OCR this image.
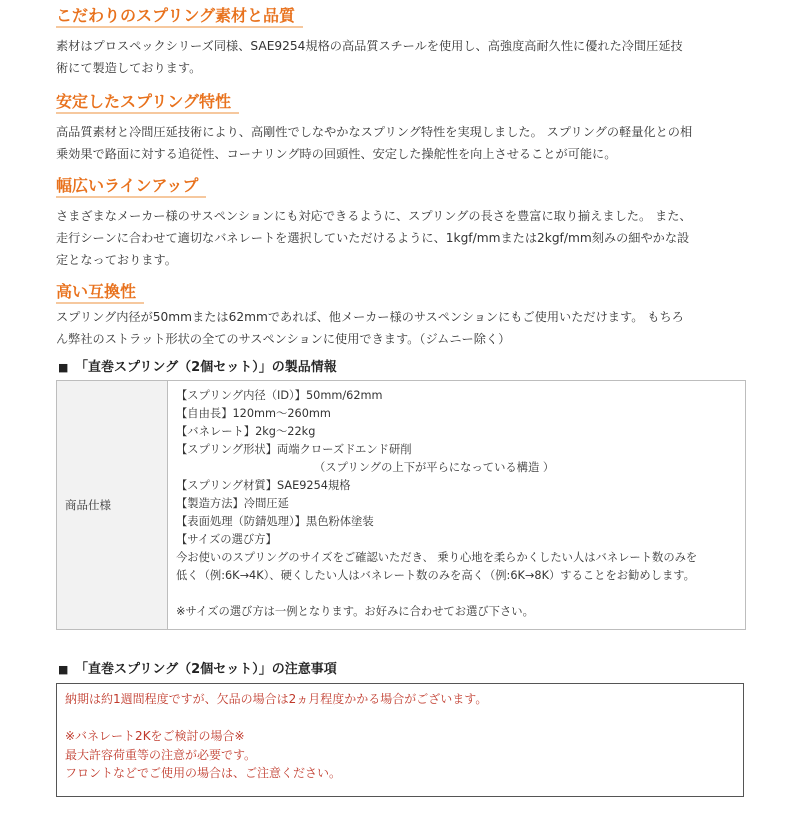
こだわりのスプリング素材と品質

素材はプロスペックシリーズ同様、SAE9254規格の高品質スチールを使用し、高強度高耐久性に優れた冷間圧延技
術にて製造しております。

安定したスプリング特性

高品質素材と冷間圧延技術により、高剛性でしなやかなスプリング特性を実現しました。 スプリングの軽量化との相
乗効果で路面に対する追従性、コーナリング時の回頭性、安定した操舵性を向上させることが可能に。

幅広いラインアップ

さまざまなメーカー様のサスペンションにも対応できるように、スプリングの長さを豊富に取り揃えました。 また、
走行シーンに合わせて適切なバネレートを選択していただけるように、1kgf/mmまたは2kgf/mm刻みの細やかな設
定となっております。

高い互換性

スプリング内径が50mmまたは62mmであれば、他メーカー様のサスペンションにもご使用いただけます。 もちろ
ん弊社のストラット形状の全てのサスペンションに使用できます。（ジムニー除く）

■ 「直巻スプリング（2個セット）」の製品情報
商品仕様	
【スプリング内径（ID）】50mm/62mm
【自由長】120mm～260mm
【バネレート】2kg～22kg
【スプリング形状】両端クローズドエンド研削
（スプリングの上下が平らになっている構造 ）
【スプリング材質】SAE9254規格
【製造方法】冷間圧延
【表面処理（防錆処理）】黒色粉体塗装
【サイズの選び方】
今お使いのスプリングのサイズをご確認いただき、 乗り心地を柔らかくしたい人はバネレート数のみを
低く（例:6K→4K）、硬くしたい人はバネレート数のみを高く（例:6K→8K）することをお勧めします。
※サイズの選び方は一例となります。お好みに合わせてお選び下さい。
■ 「直巻スプリング（2個セット）」の注意事項
納期は約1週間程度ですが、欠品の場合は2ヵ月程度かかる場合がございます。
※バネレート2Kをご検討の場合※
最大許容荷重等の注意が必要です。
フロントなどでご使用の場合は、ご注意ください。
